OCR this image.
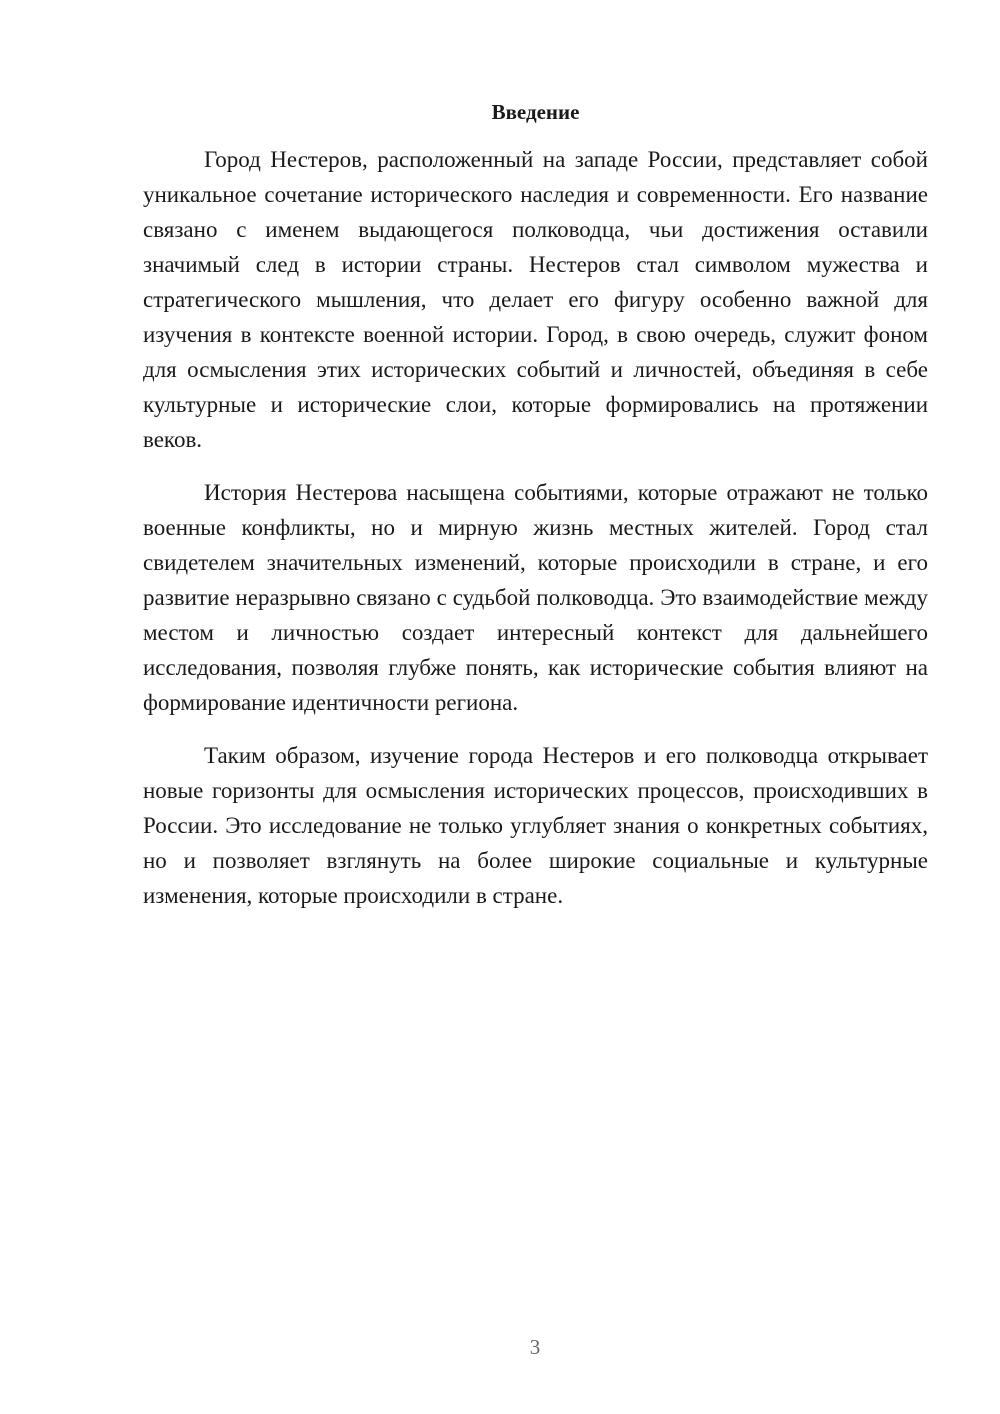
Введение

Город Нестеров, расположенный на западе России, представляет собой уникальное сочетание исторического наследия и современности. Его название связано с именем выдающегося полководца, чьи достижения оставили значимый след в истории страны. Нестеров стал символом мужества и стратегического мышления, что делает его фигуру особенно важной для изучения в контексте военной истории. Город, в свою очередь, служит фоном для осмысления этих исторических событий и личностей, объединяя в себе культурные и исторические слои, которые формировались на протяжении веков.

История Нестерова насыщена событиями, которые отражают не только военные конфликты, но и мирную жизнь местных жителей. Город стал свидетелем значительных изменений, которые происходили в стране, и его развитие неразрывно связано с судьбой полководца. Это взаимодействие между местом и личностью создает интересный контекст для дальнейшего исследования, позволяя глубже понять, как исторические события влияют на формирование идентичности региона.

Таким образом, изучение города Нестеров и его полководца открывает новые горизонты для осмысления исторических процессов, происходивших в России. Это исследование не только углубляет знания о конкретных событиях, но и позволяет взглянуть на более широкие социальные и культурные изменения, которые происходили в стране.

3
